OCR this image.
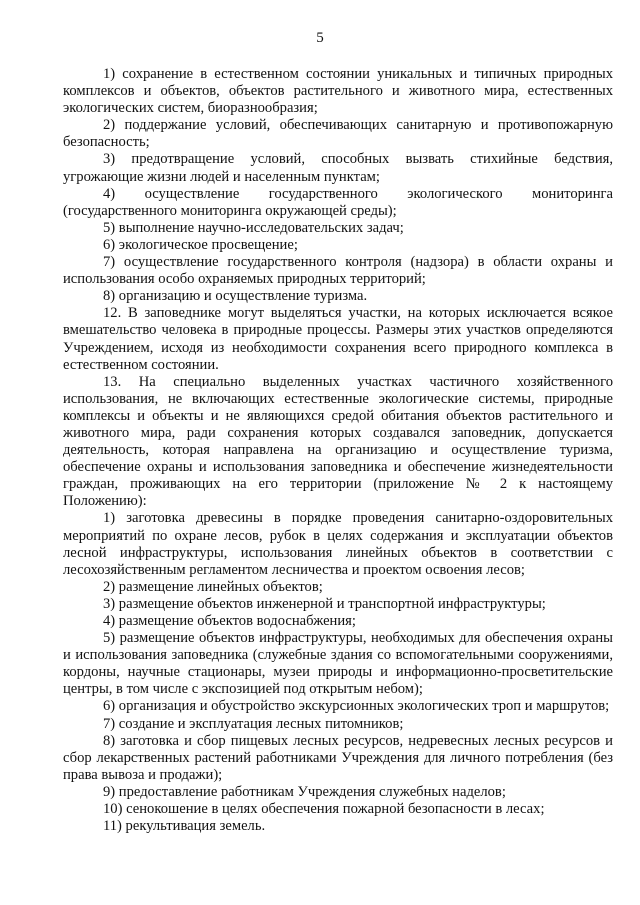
5

1) сохранение в естественном состоянии уникальных и типичных природных комплексов и объектов, объектов растительного и животного мира, естественных экологических систем, биоразнообразия;

2) поддержание условий, обеспечивающих санитарную и противопожарную безопасность;

3) предотвращение условий, способных вызвать стихийные бедствия, угрожающие жизни людей и населенным пунктам;

4) осуществление государственного экологического мониторинга (государственного мониторинга окружающей среды);

5) выполнение научно-исследовательских задач;

6) экологическое просвещение;

7) осуществление государственного контроля (надзора) в области охраны и использования особо охраняемых природных территорий;

8) организацию и осуществление туризма.

12. В заповеднике могут выделяться участки, на которых исключается всякое вмешательство человека в природные процессы. Размеры этих участков определяются Учреждением, исходя из необходимости сохранения всего природного комплекса в естественном состоянии.

13. На специально выделенных участках частичного хозяйственного использования, не включающих естественные экологические системы, природные комплексы и объекты и не являющихся средой обитания объектов растительного и животного мира, ради сохранения которых создавался заповедник, допускается деятельность, которая направлена на организацию и осуществление туризма, обеспечение охраны и использования заповедника и обеспечение жизнедеятельности граждан, проживающих на его территории (приложение № 2 к настоящему Положению):

1) заготовка древесины в порядке проведения санитарно-оздоровительных мероприятий по охране лесов, рубок в целях содержания и эксплуатации объектов лесной инфраструктуры, использования линейных объектов в соответствии с лесохозяйственным регламентом лесничества и проектом освоения лесов;

2) размещение линейных объектов;

3) размещение объектов инженерной и транспортной инфраструктуры;

4) размещение объектов водоснабжения;

5) размещение объектов инфраструктуры, необходимых для обеспечения охраны и использования заповедника (служебные здания со вспомогательными сооружениями, кордоны, научные стационары, музеи природы и информационно-просветительские центры, в том числе с экспозицией под открытым небом);

6) организация и обустройство экскурсионных экологических троп и маршрутов;

7) создание и эксплуатация лесных питомников;

8) заготовка и сбор пищевых лесных ресурсов, недревесных лесных ресурсов и сбор лекарственных растений работниками Учреждения для личного потребления (без права вывоза и продажи);

9) предоставление работникам Учреждения служебных наделов;

10) сенокошение в целях обеспечения пожарной безопасности в лесах;

11) рекультивация земель.
